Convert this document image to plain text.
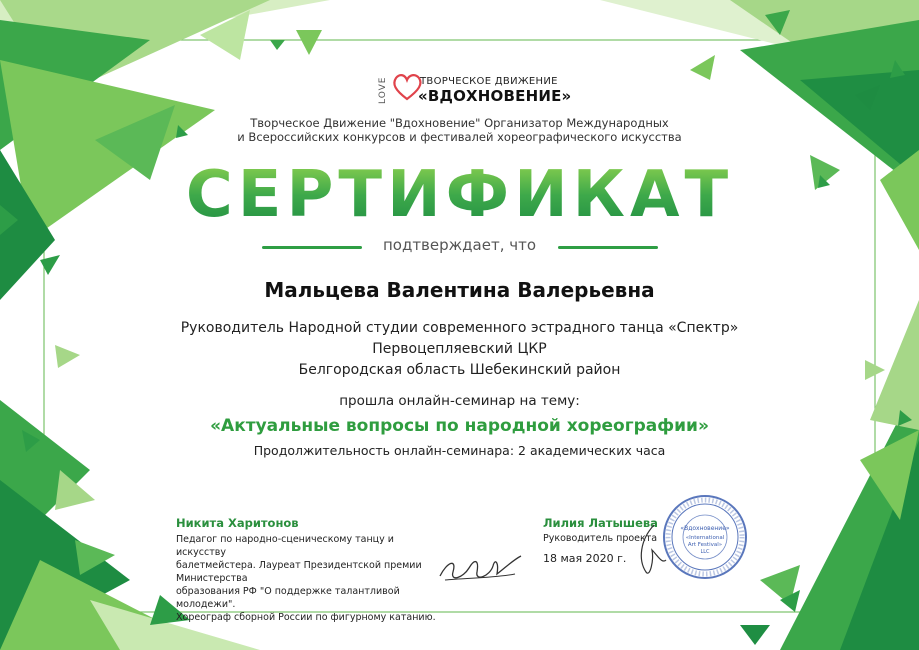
LOVE	ТВОРЧЕСКОЕ ДВИЖЕНИЕ
«ВДОХНОВЕНИЕ»
Творческое Движение "Вдохновение" Организатор Международных
и Всероссийских конкурсов и фестивалей хореографического искусства
СЕРТИФИКАТ
подтверждает, что
Мальцева Валентина Валерьевна
Руководитель Народной студии современного эстрадного танца «Спектр»
Первоцепляевский ЦКР
Белгородская область Шебекинский район
прошла онлайн-семинар на тему:
«Актуальные вопросы по народной хореографии»
Продолжительность онлайн-семинара: 2 академических часа
Никита Харитонов
Педагог по народно-сценическому танцу и искусству
балетмейстера. Лауреат Президентской премии Министерства
образования РФ "О поддержке талантливой молодежи".
Хореограф сборной России по фигурному катанию.
Лилия Латышева
Руководитель проекта
18 мая 2020 г.
«Вдохновение»
«International
Art Festival»
LLC
